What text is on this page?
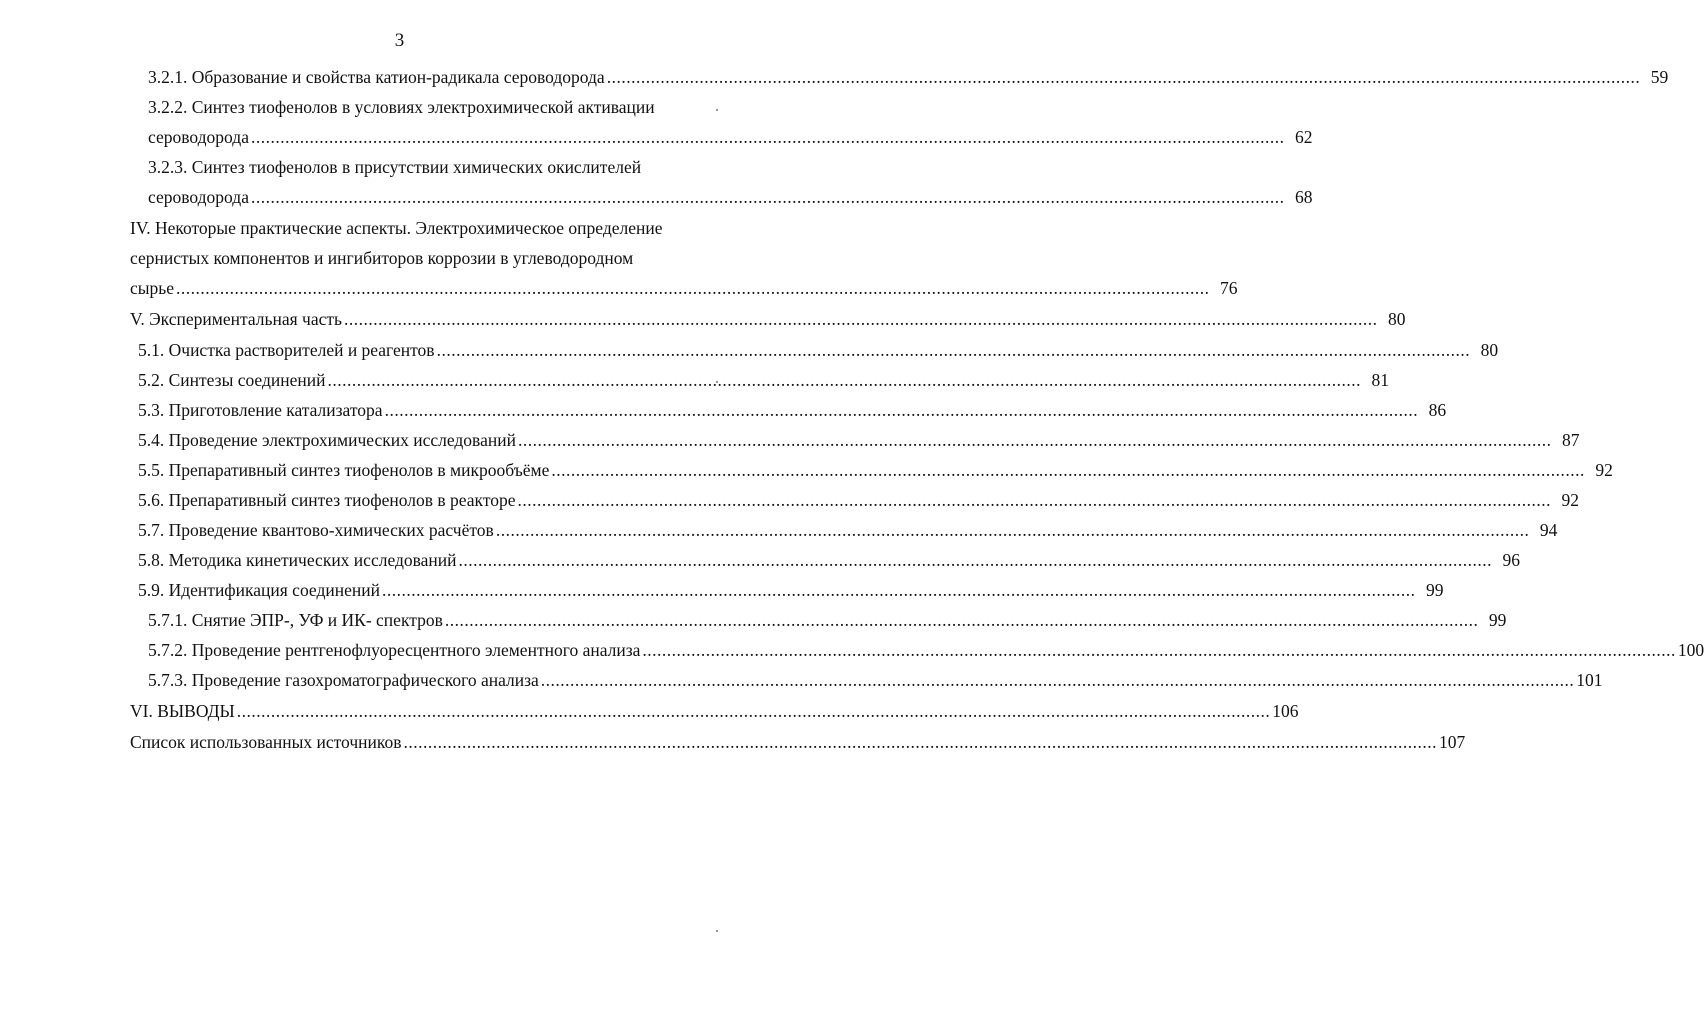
3
3.2.1. Образование и свойства катион-радикала сероводорода .....	59
3.2.2. Синтез тиофенолов в условиях электрохимической активации
сероводорода .....	62
3.2.3. Синтез тиофенолов в присутствии химических окислителей
сероводорода .....	68
IV. Некоторые практические аспекты. Электрохимическое определение
сернистых компонентов и ингибиторов коррозии в углеводородном
сырье .....	76
V. Экспериментальная часть .....	80
5.1. Очистка растворителей и реагентов .....	80
5.2. Синтезы соединений .....	81
5.3. Приготовление катализатора .....	86
5.4. Проведение электрохимических исследований .....	87
5.5. Препаративный синтез тиофенолов в микрообъёме .....	92
5.6. Препаративный синтез тиофенолов в реакторе .....	92
5.7. Проведение квантово-химических расчётов .....	94
5.8. Методика кинетических исследований .....	96
5.9. Идентификация соединений .....	99
5.7.1. Снятие ЭПР-, УФ и ИК- спектров .....	99
5.7.2. Проведение рентгенофлуоресцентного элементного анализа .....	100
5.7.3. Проведение газохроматографического анализа .....	101
VI. ВЫВОДЫ .....	106
Список использованных источников .....	107
